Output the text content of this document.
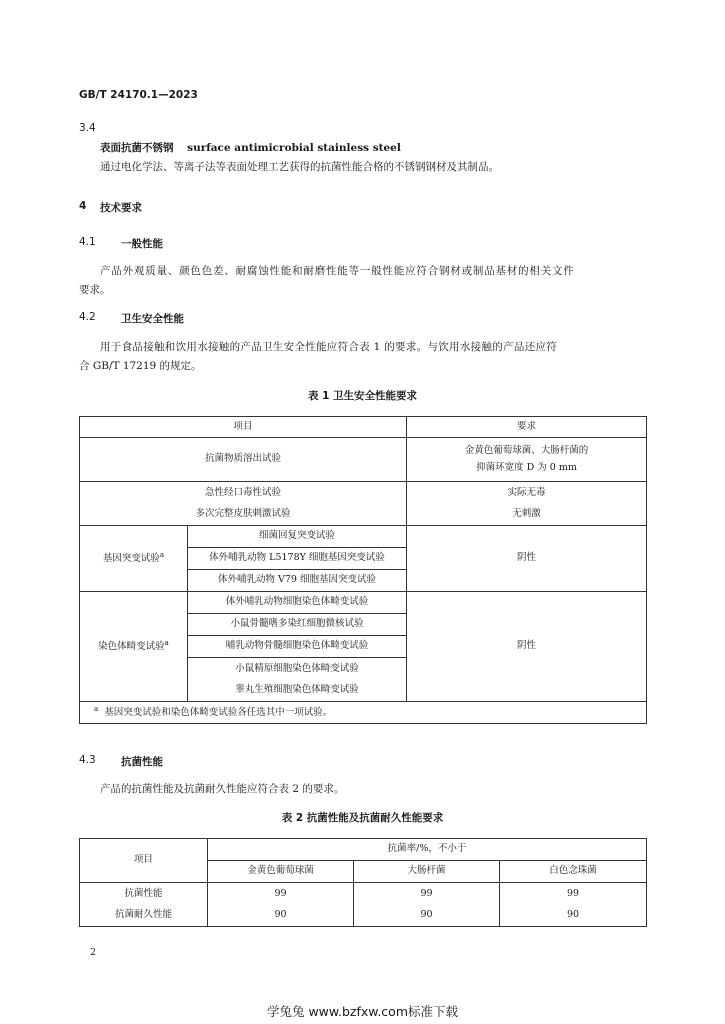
GB/T 24170.1—2023
3.4
表面抗菌不锈钢 surface antimicrobial stainless steel
通过电化学法、等离子法等表面处理工艺获得的抗菌性能合格的不锈钢钢材及其制品。
4 技术要求
4.1 一般性能
产品外观质量、颜色色差、耐腐蚀性能和耐磨性能等一般性能应符合钢材或制品基材的相关文件
要求。
4.2 卫生安全性能
用于食品接触和饮用水接触的产品卫生安全性能应符合表 1 的要求。与饮用水接触的产品还应符
合 GB/T 17219 的规定。
表 1 卫生安全性能要求
项目		要求
抗菌物质溶出试验		金黄色葡萄球菌、大肠杆菌的
抑菌环宽度 D 为 0 mm

急性经口毒性试验		实际无毒
多次完整皮肤刺激试验		无刺激
基因突变试验$^a$	细菌回复突变试验	阴性
	体外哺乳动物 L5178Y 细胞基因突变试验	
	体外哺乳动物 V79 细胞基因突变试验	
染色体畸变试验$^a$	体外哺乳动物细胞染色体畸变试验	阴性
	小鼠骨髓嗜多染红细胞微核试验	
	哺乳动物骨髓细胞染色体畸变试验	
	小鼠精原细胞染色体畸变试验	
	睾丸生殖细胞染色体畸变试验	
$^a$ 基因突变试验和染色体畸变试验各任选其中一项试验。		
4.3 抗菌性能
产品的抗菌性能及抗菌耐久性能应符合表 2 的要求。
表 2 抗菌性能及抗菌耐久性能要求
项目	抗菌率/%，不小于		
	金黄色葡萄球菌	大肠杆菌	白色念珠菌
抗菌性能	99	99	99
抗菌耐久性能	90	90	90
2
学兔兔 www.bzfxw.com标准下载
